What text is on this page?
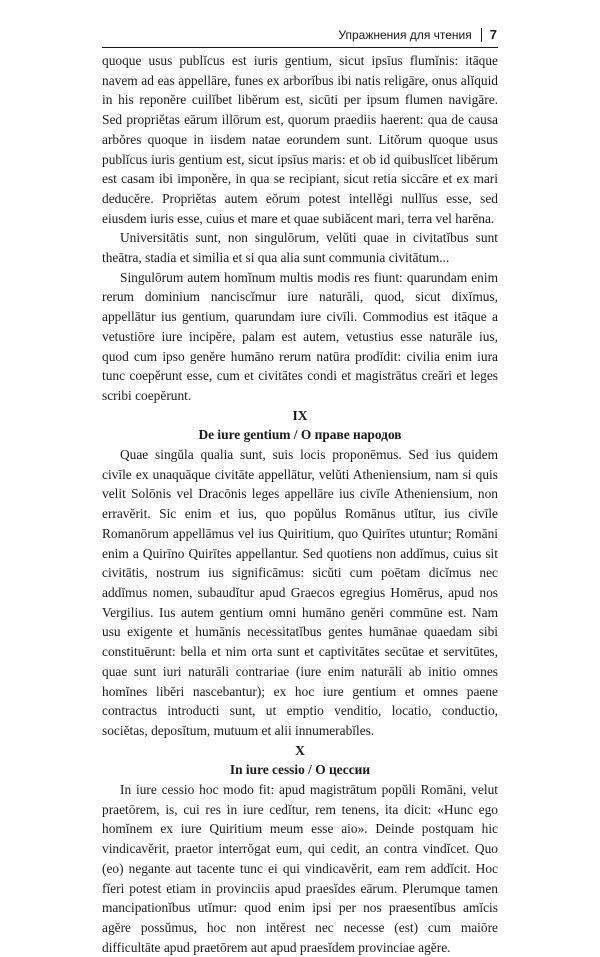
Упражнения для чтения 7

quoque usus publĭcus est iuris gentium, sicut ipsīus flumĭnis: itāque navem ad eas appellāre, funes ex arborĭbus ibi natis religāre, onus alĭquid in his reponĕre cuilĭbet libĕrum est, sicūti per ipsum flumen navigāre. Sed propriĕtas eārum illōrum est, quorum praediis haerent: qua de causa arbŏres quoque in iisdem natae eorundem sunt. Litŏrum quoque usus publĭcus iuris gentium est, sicut ipsīus maris: et ob id quibuslĭcet libĕrum est casam ibi imponĕre, in qua se recipiant, sicut retia siccāre et ex mari deducĕre. Propriĕtas autem eŏrum potest intellĕgi nullĭus esse, sed eiusdem iuris esse, cuius et mare et quae subiăcent mari, terra vel harēna.

Universitātis sunt, non singulōrum, velŭti quae in civitatĭbus sunt theātra, stadia et similia et si qua alia sunt communia civitātum...

Singulōrum autem homĭnum multis modis res fiunt: quarundam enim rerum dominium nanciscĭmur iure naturāli, quod, sicut dixĭmus, appellātur ius gentium, quarundam iure civīli. Commodius est itāque a vetustiōre iure incipĕre, palam est autem, vetustius esse naturāle ius, quod cum ipso genĕre humāno rerum natūra prodĭdit: civilia enim iura tunc coepĕrunt esse, cum et civitātes condi et magistrātus creāri et leges scribi coepĕrunt.

IX
De iure gentium / О праве народов

Quae singŭla qualia sunt, suis locis proponēmus. Sed ius quidem civīle ex unaquāque civitāte appellātur, velŭti Atheniensium, nam si quis velit Solōnis vel Dracōnis leges appellāre ius civīle Atheniensium, non erravĕrit. Sic enim et ius, quo popŭlus Romānus utĭtur, ius civīle Romanōrum appellāmus vel ius Quiritium, quo Quirītes utuntur; Romāni enim a Quirīno Quirītes appellantur. Sed quotiens non addĭmus, cuius sit civitātis, nostrum ius significāmus: sicŭti cum poētam dicĭmus nec addĭmus nomen, subaudĭtur apud Graecos egregius Homērus, apud nos Vergilius. Ius autem gentium omni humāno genĕri commūne est. Nam usu exigente et humānis necessitatĭbus gentes humānae quaedam sibi constituērunt: bella et nim orta sunt et captivitātes secūtae et servitūtes, quae sunt iuri naturāli contrariae (iure enim naturāli ab initio omnes homĭnes libĕri nascebantur); ex hoc iure gentium et omnes paene contractus introducti sunt, ut emptio venditio, locatio, conductio, sociĕtas, deposĭtum, mutuum et alii innumerabĭles.

X
In iure cessio / О цессии

In iure cessio hoc modo fit: apud magistrātum popŭli Romāni, velut praetōrem, is, cui res in iure cedĭtur, rem tenens, ita dicit: «Hunc ego homĭnem ex iure Quiritium meum esse aio». Deinde postquam hic vindicavĕrit, praetor interrŏgat eum, qui cedit, an contra vindĭcet. Quo (eo) negante aut tacente tunc ei qui vindicavĕrit, eam rem addĭcit. Hoc fĭeri potest etiam in provinciis apud praesĭdes eārum. Plerumque tamen mancipationĭbus utĭmur: quod enim ipsi per nos praesentĭbus amĭcis agĕre possŭmus, hoc non intĕrest nec necesse (est) cum maiōre difficultāte apud praetōrem aut apud praesĭdem provinciae agĕre.
